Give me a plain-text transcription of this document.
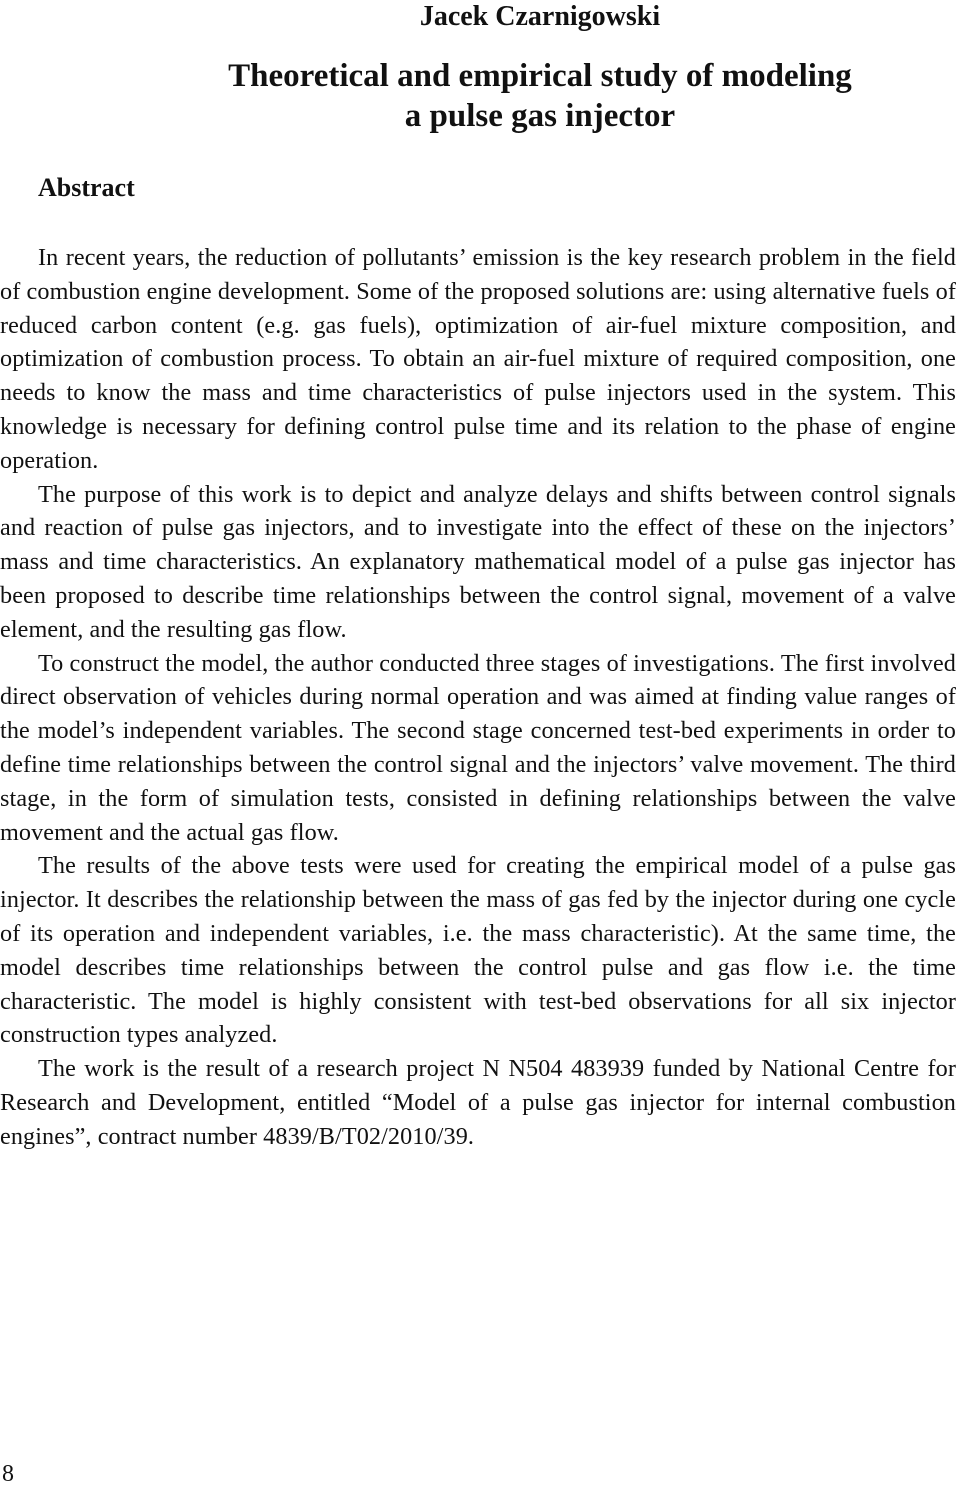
Jacek Czarnigowski
Theoretical and empirical study of modeling
a pulse gas injector
Abstract

In recent years, the reduction of pollutants’ emission is the key research problem in the field of combustion engine development. Some of the proposed solutions are: using alternative fuels of reduced carbon content (e.g. gas fuels), optimization of air-fuel mixture composition, and optimization of combustion process. To obtain an air-fuel mixture of required composition, one needs to know the mass and time characteristics of pulse injectors used in the system. This knowledge is necessary for defining control pulse time and its relation to the phase of engine operation.

The purpose of this work is to depict and analyze delays and shifts between control signals and reaction of pulse gas injectors, and to investigate into the effect of these on the injectors’ mass and time characteristics. An explanatory mathematical model of a pulse gas injector has been proposed to describe time relationships between the control signal, movement of a valve element, and the resulting gas flow.

To construct the model, the author conducted three stages of investigations. The first involved direct observation of vehicles during normal operation and was aimed at finding value ranges of the model’s independent variables. The second stage concerned test-bed experiments in order to define time relationships between the control signal and the injectors’ valve movement. The third stage, in the form of simulation tests, consisted in defining relationships between the valve movement and the actual gas flow.

The results of the above tests were used for creating the empirical model of a pulse gas injector. It describes the relationship between the mass of gas fed by the injector during one cycle of its operation and independent variables, i.e. the mass characteristic). At the same time, the model describes time relationships between the control pulse and gas flow i.e. the time characteristic. The model is highly consistent with test-bed observations for all six injector construction types analyzed.

The work is the result of a research project N N504 483939 funded by National Centre for Research and Development, entitled “Model of a pulse gas injector for internal combustion engines”, contract number 4839/B/T02/2010/39.

8
